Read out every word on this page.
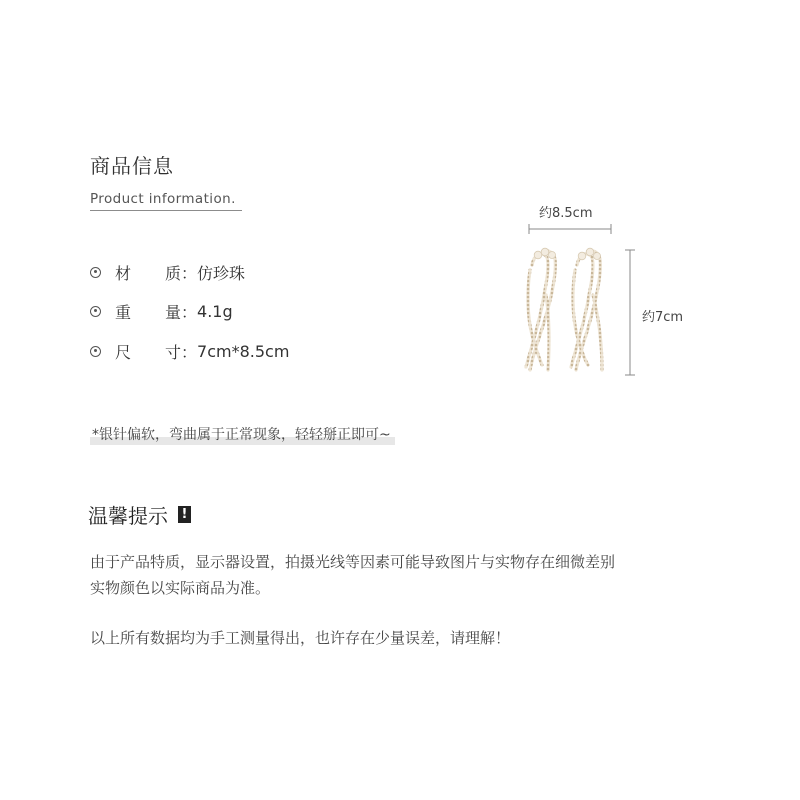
商品信息
Product information.
材	质 ： 仿珍珠
重	量 ： 4.1g
尺	寸 ： 7cm*8.5cm
约8.5cm
约7cm
*银针偏软，弯曲属于正常现象，轻轻掰正即可~
温馨提示 !
由于产品特质，显示器设置，拍摄光线等因素可能导致图片与实物存在细微差别
实物颜色以实际商品为准。
以上所有数据均为手工测量得出，也许存在少量误差，请理解！
